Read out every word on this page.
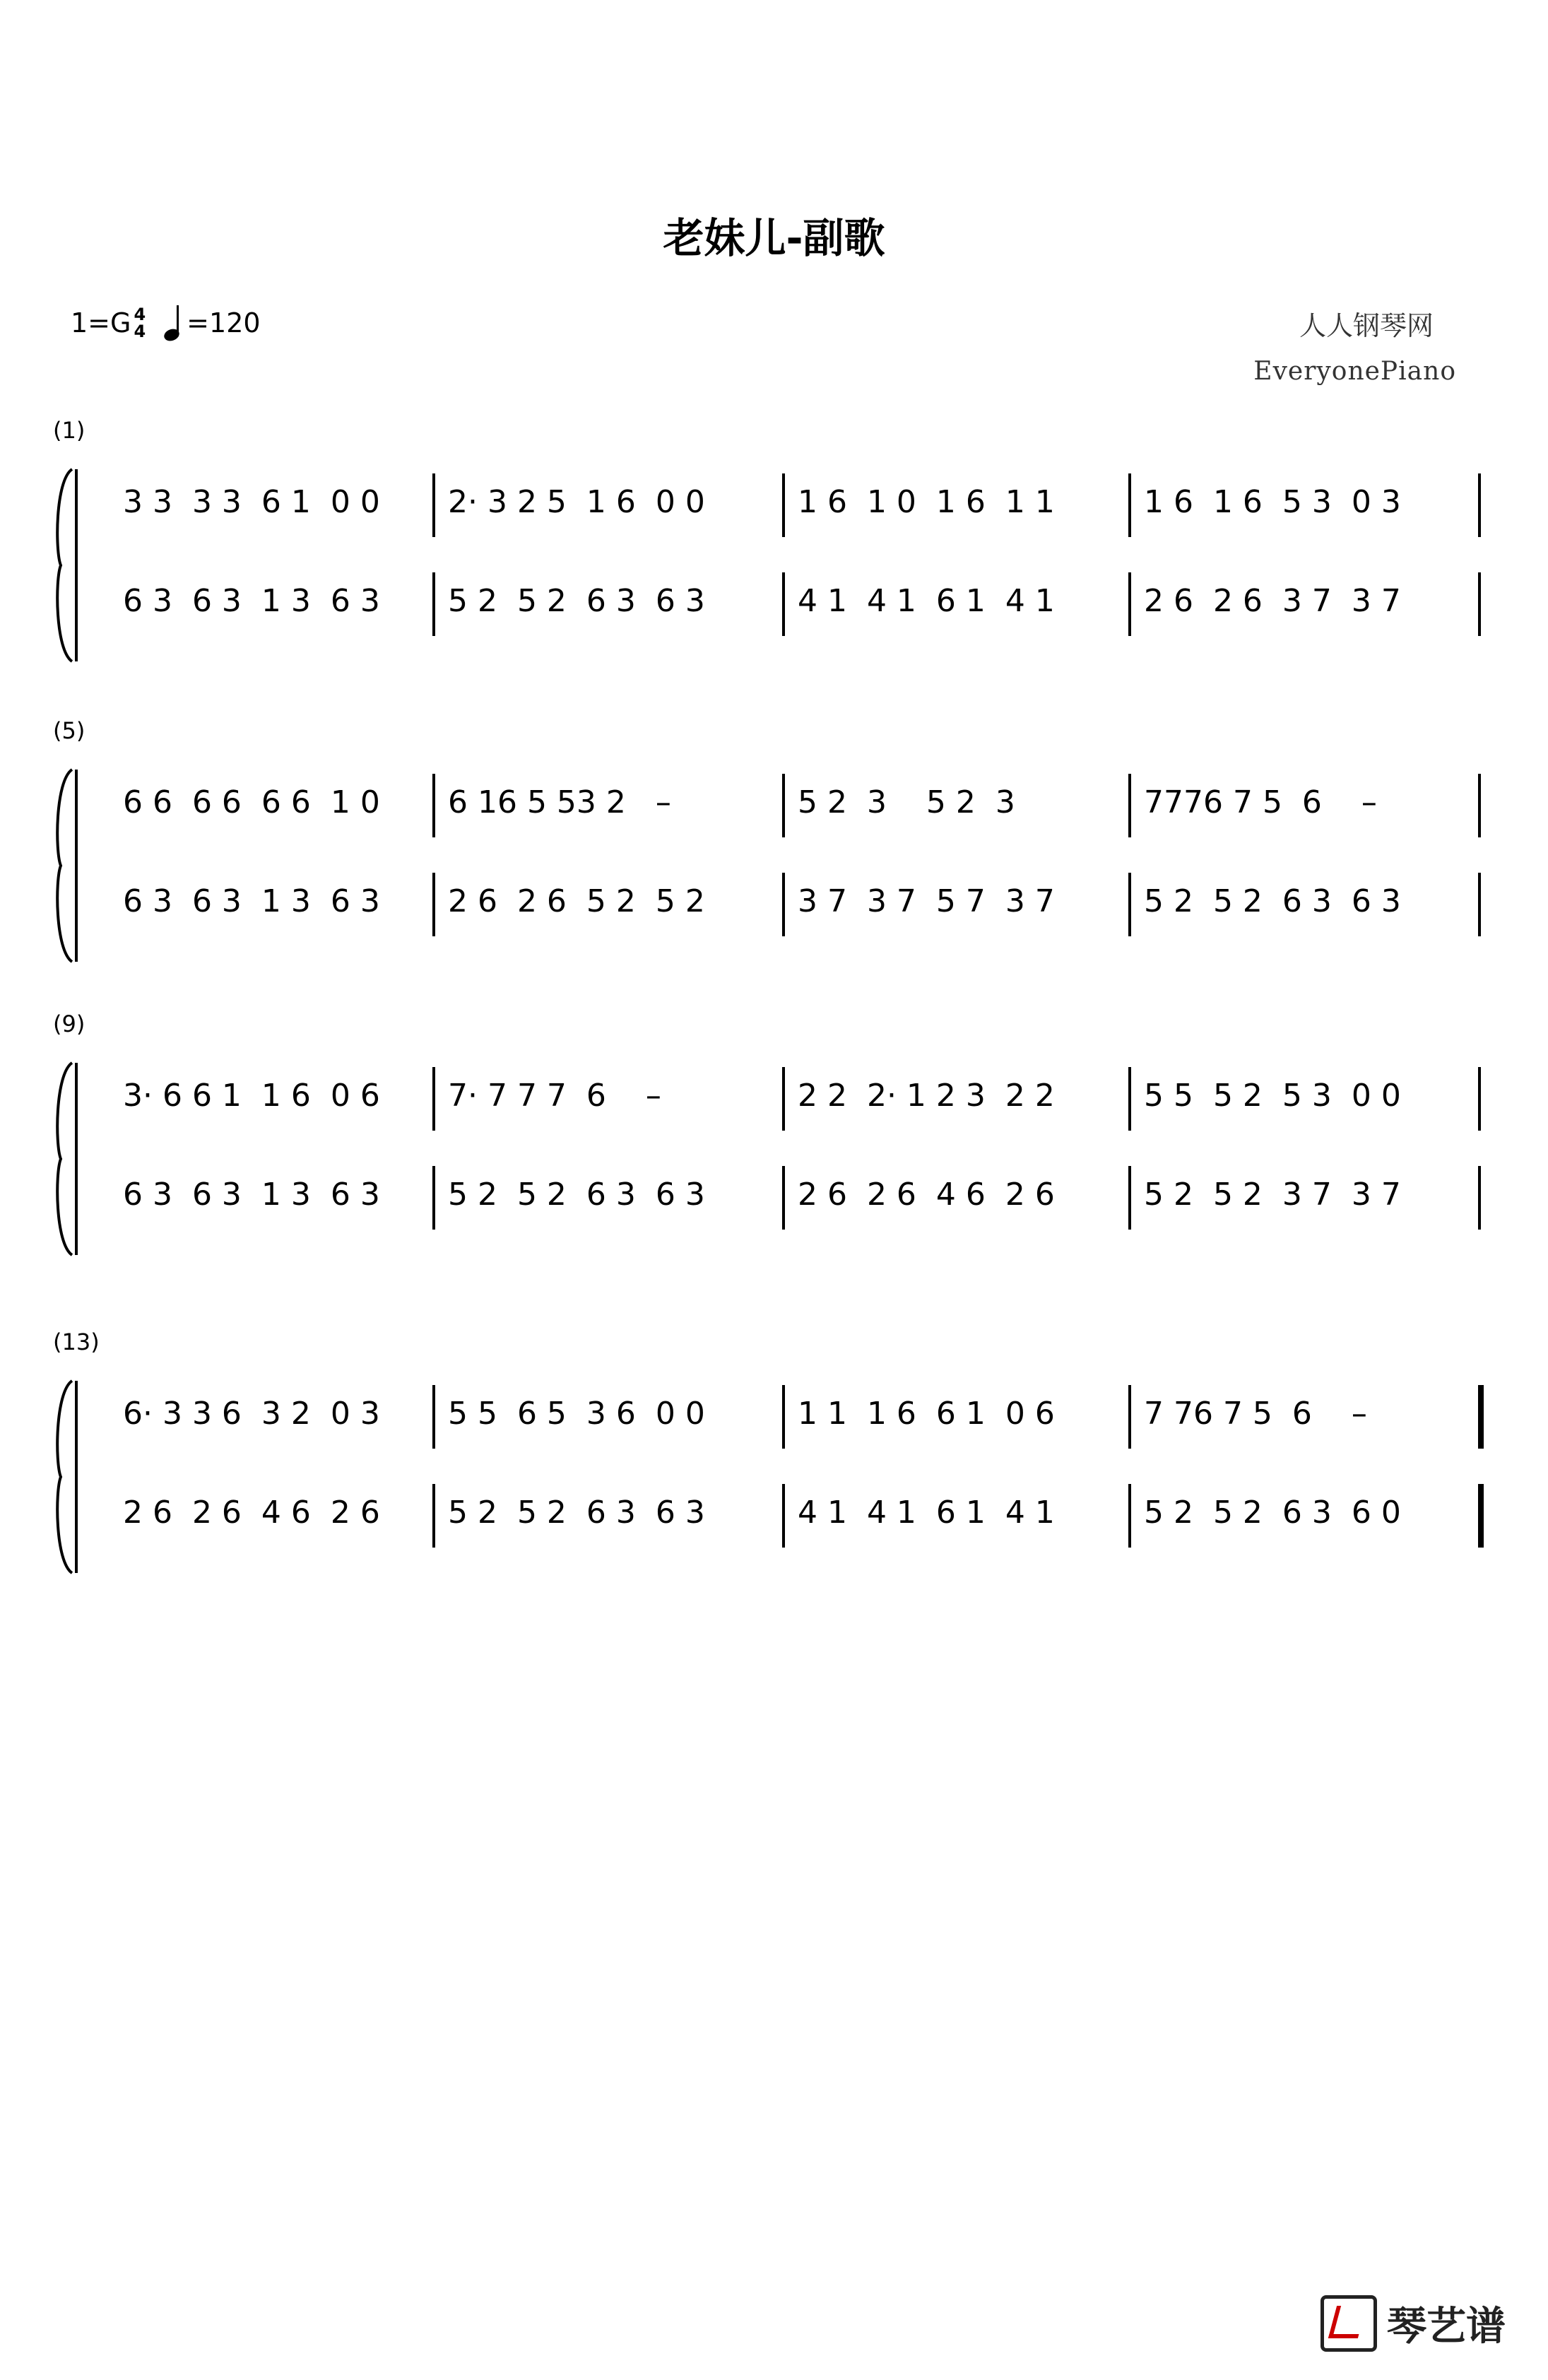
老妹儿-副歌
1=G 4
4 =120	人人钢琴网
EveryonePiano
(1)
3 3  3 3  6 1  0 0	2· 3 2 5  1 6  0 0	1 6  1 0  1 6  1 1	1 6  1 6  5 3  0 3
6 3  6 3  1 3  6 3	5 2  5 2  6 3  6 3	4 1  4 1  6 1  4 1	2 6  2 6  3 7  3 7
(5)
6 6  6 6  6 6  1 0	6 16 5 53 2   –	5 2  3    5 2  3	7776 7 5  6    –
6 3  6 3  1 3  6 3	2 6  2 6  5 2  5 2	3 7  3 7  5 7  3 7	5 2  5 2  6 3  6 3
(9)
3· 6 6 1  1 6  0 6	7· 7 7 7  6    –	2 2  2· 1 2 3  2 2	5 5  5 2  5 3  0 0
6 3  6 3  1 3  6 3	5 2  5 2  6 3  6 3	2 6  2 6  4 6  2 6	5 2  5 2  3 7  3 7
(13)
6· 3 3 6  3 2  0 3	5 5  6 5  3 6  0 0	1 1  1 6  6 1  0 6	7 76 7 5  6    –
2 6  2 6  4 6  2 6	5 2  5 2  6 3  6 3	4 1  4 1  6 1  4 1	5 2  5 2  6 3  6 0
琴艺谱
